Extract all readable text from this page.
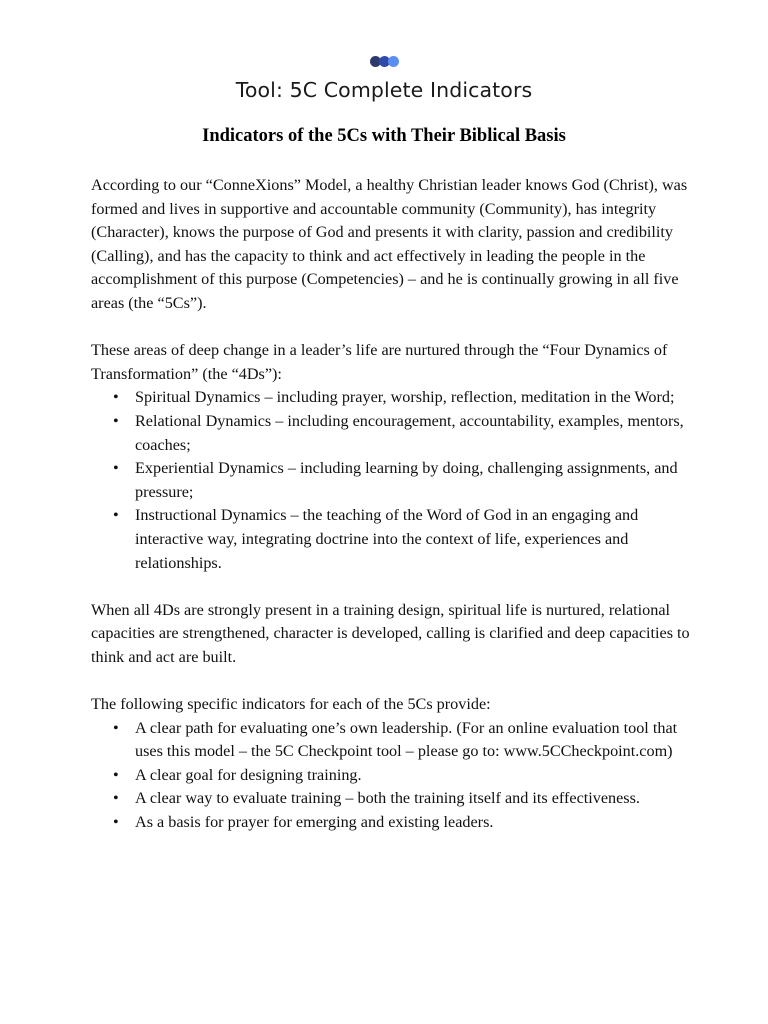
Tool: 5C Complete Indicators
Indicators of the 5Cs with Their Biblical Basis

According to our “ConneXions” Model, a healthy Christian leader knows God (Christ), was formed and lives in supportive and accountable community (Community), has integrity (Character), knows the purpose of God and presents it with clarity, passion and credibility (Calling), and has the capacity to think and act effectively in leading the people in the accomplishment of this purpose (Competencies) – and he is continually growing in all five areas (the “5Cs”).

These areas of deep change in a leader’s life are nurtured through the “Four Dynamics of Transformation” (the “4Ds”):

• Spiritual Dynamics – including prayer, worship, reflection, meditation in the Word;
• Relational Dynamics – including encouragement, accountability, examples, mentors, coaches;
• Experiential Dynamics – including learning by doing, challenging assignments, and pressure;
• Instructional Dynamics – the teaching of the Word of God in an engaging and interactive way, integrating doctrine into the context of life, experiences and relationships.

When all 4Ds are strongly present in a training design, spiritual life is nurtured, relational capacities are strengthened, character is developed, calling is clarified and deep capacities to think and act are built.

The following specific indicators for each of the 5Cs provide:

• A clear path for evaluating one’s own leadership. (For an online evaluation tool that uses this model – the 5C Checkpoint tool – please go to: www.5CCheckpoint.com)
• A clear goal for designing training.
• A clear way to evaluate training – both the training itself and its effectiveness.
• As a basis for prayer for emerging and existing leaders.
